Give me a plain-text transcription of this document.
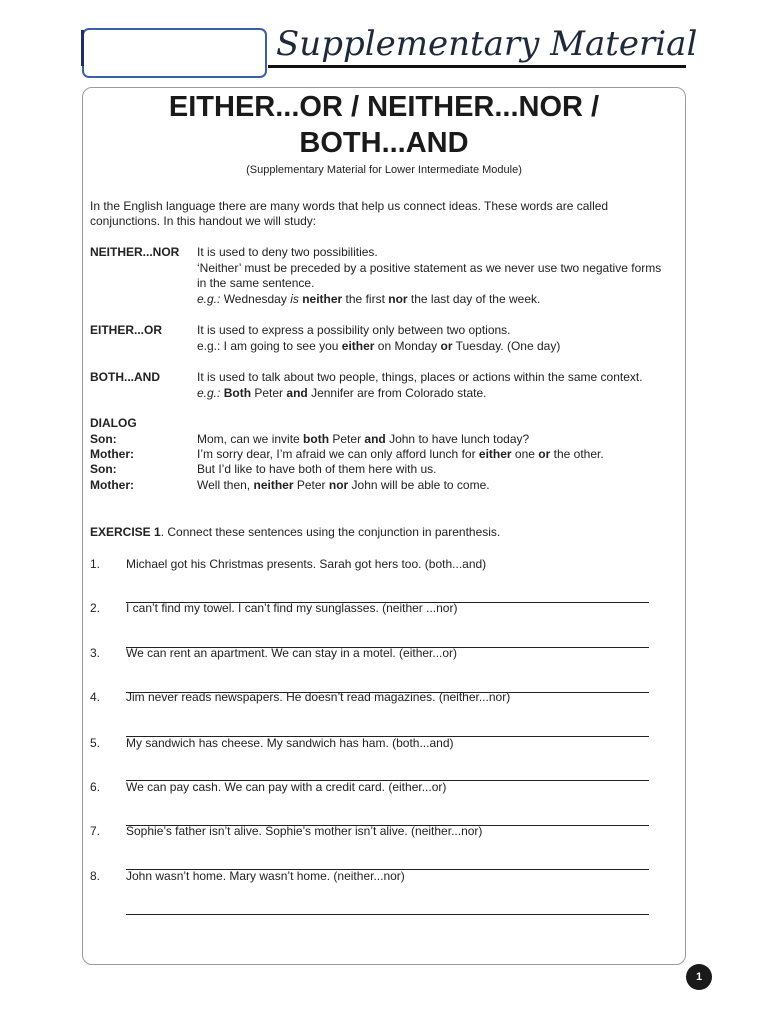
Supplementary Material
EITHER...OR / NEITHER...NOR /
BOTH...AND
(Supplementary Material for Lower Intermediate Module)
In the English language there are many words that help us connect ideas. These words are called
conjunctions. In this handout we will study:
NEITHER...NOR It is used to deny two possibilities.
‘Neither’ must be preceded by a positive statement as we never use two negative forms
in the same sentence.
e.g.: Wednesday is neither the first nor the last day of the week.
EITHER...OR	It is used to express a possibility only between two options.
e.g.: I am going to see you either on Monday or Tuesday. (One day)
BOTH...AND	It is used to talk about two people, things, places or actions within the same context.
e.g.: Both Peter and Jennifer are from Colorado state.
DIALOG
Son:	Mom, can we invite both Peter and John to have lunch today?
Mother:	I’m sorry dear, I’m afraid we can only afford lunch for either one or the other.
Son:	But I’d like to have both of them here with us.
Mother:	Well then, neither Peter nor John will be able to come.
EXERCISE 1. Connect these sentences using the conjunction in parenthesis.
1. Michael got his Christmas presents. Sarah got hers too. (both...and)
2. I can’t find my towel. I can’t find my sunglasses. (neither ...nor)
3. We can rent an apartment. We can stay in a motel. (either...or)
4. Jim never reads newspapers. He doesn’t read magazines. (neither...nor)
5. My sandwich has cheese. My sandwich has ham. (both...and)
6. We can pay cash. We can pay with a credit card. (either...or)
7. Sophie’s father isn’t alive. Sophie’s mother isn’t alive. (neither...nor)
8. John wasn’t home. Mary wasn’t home. (neither...nor)
1
